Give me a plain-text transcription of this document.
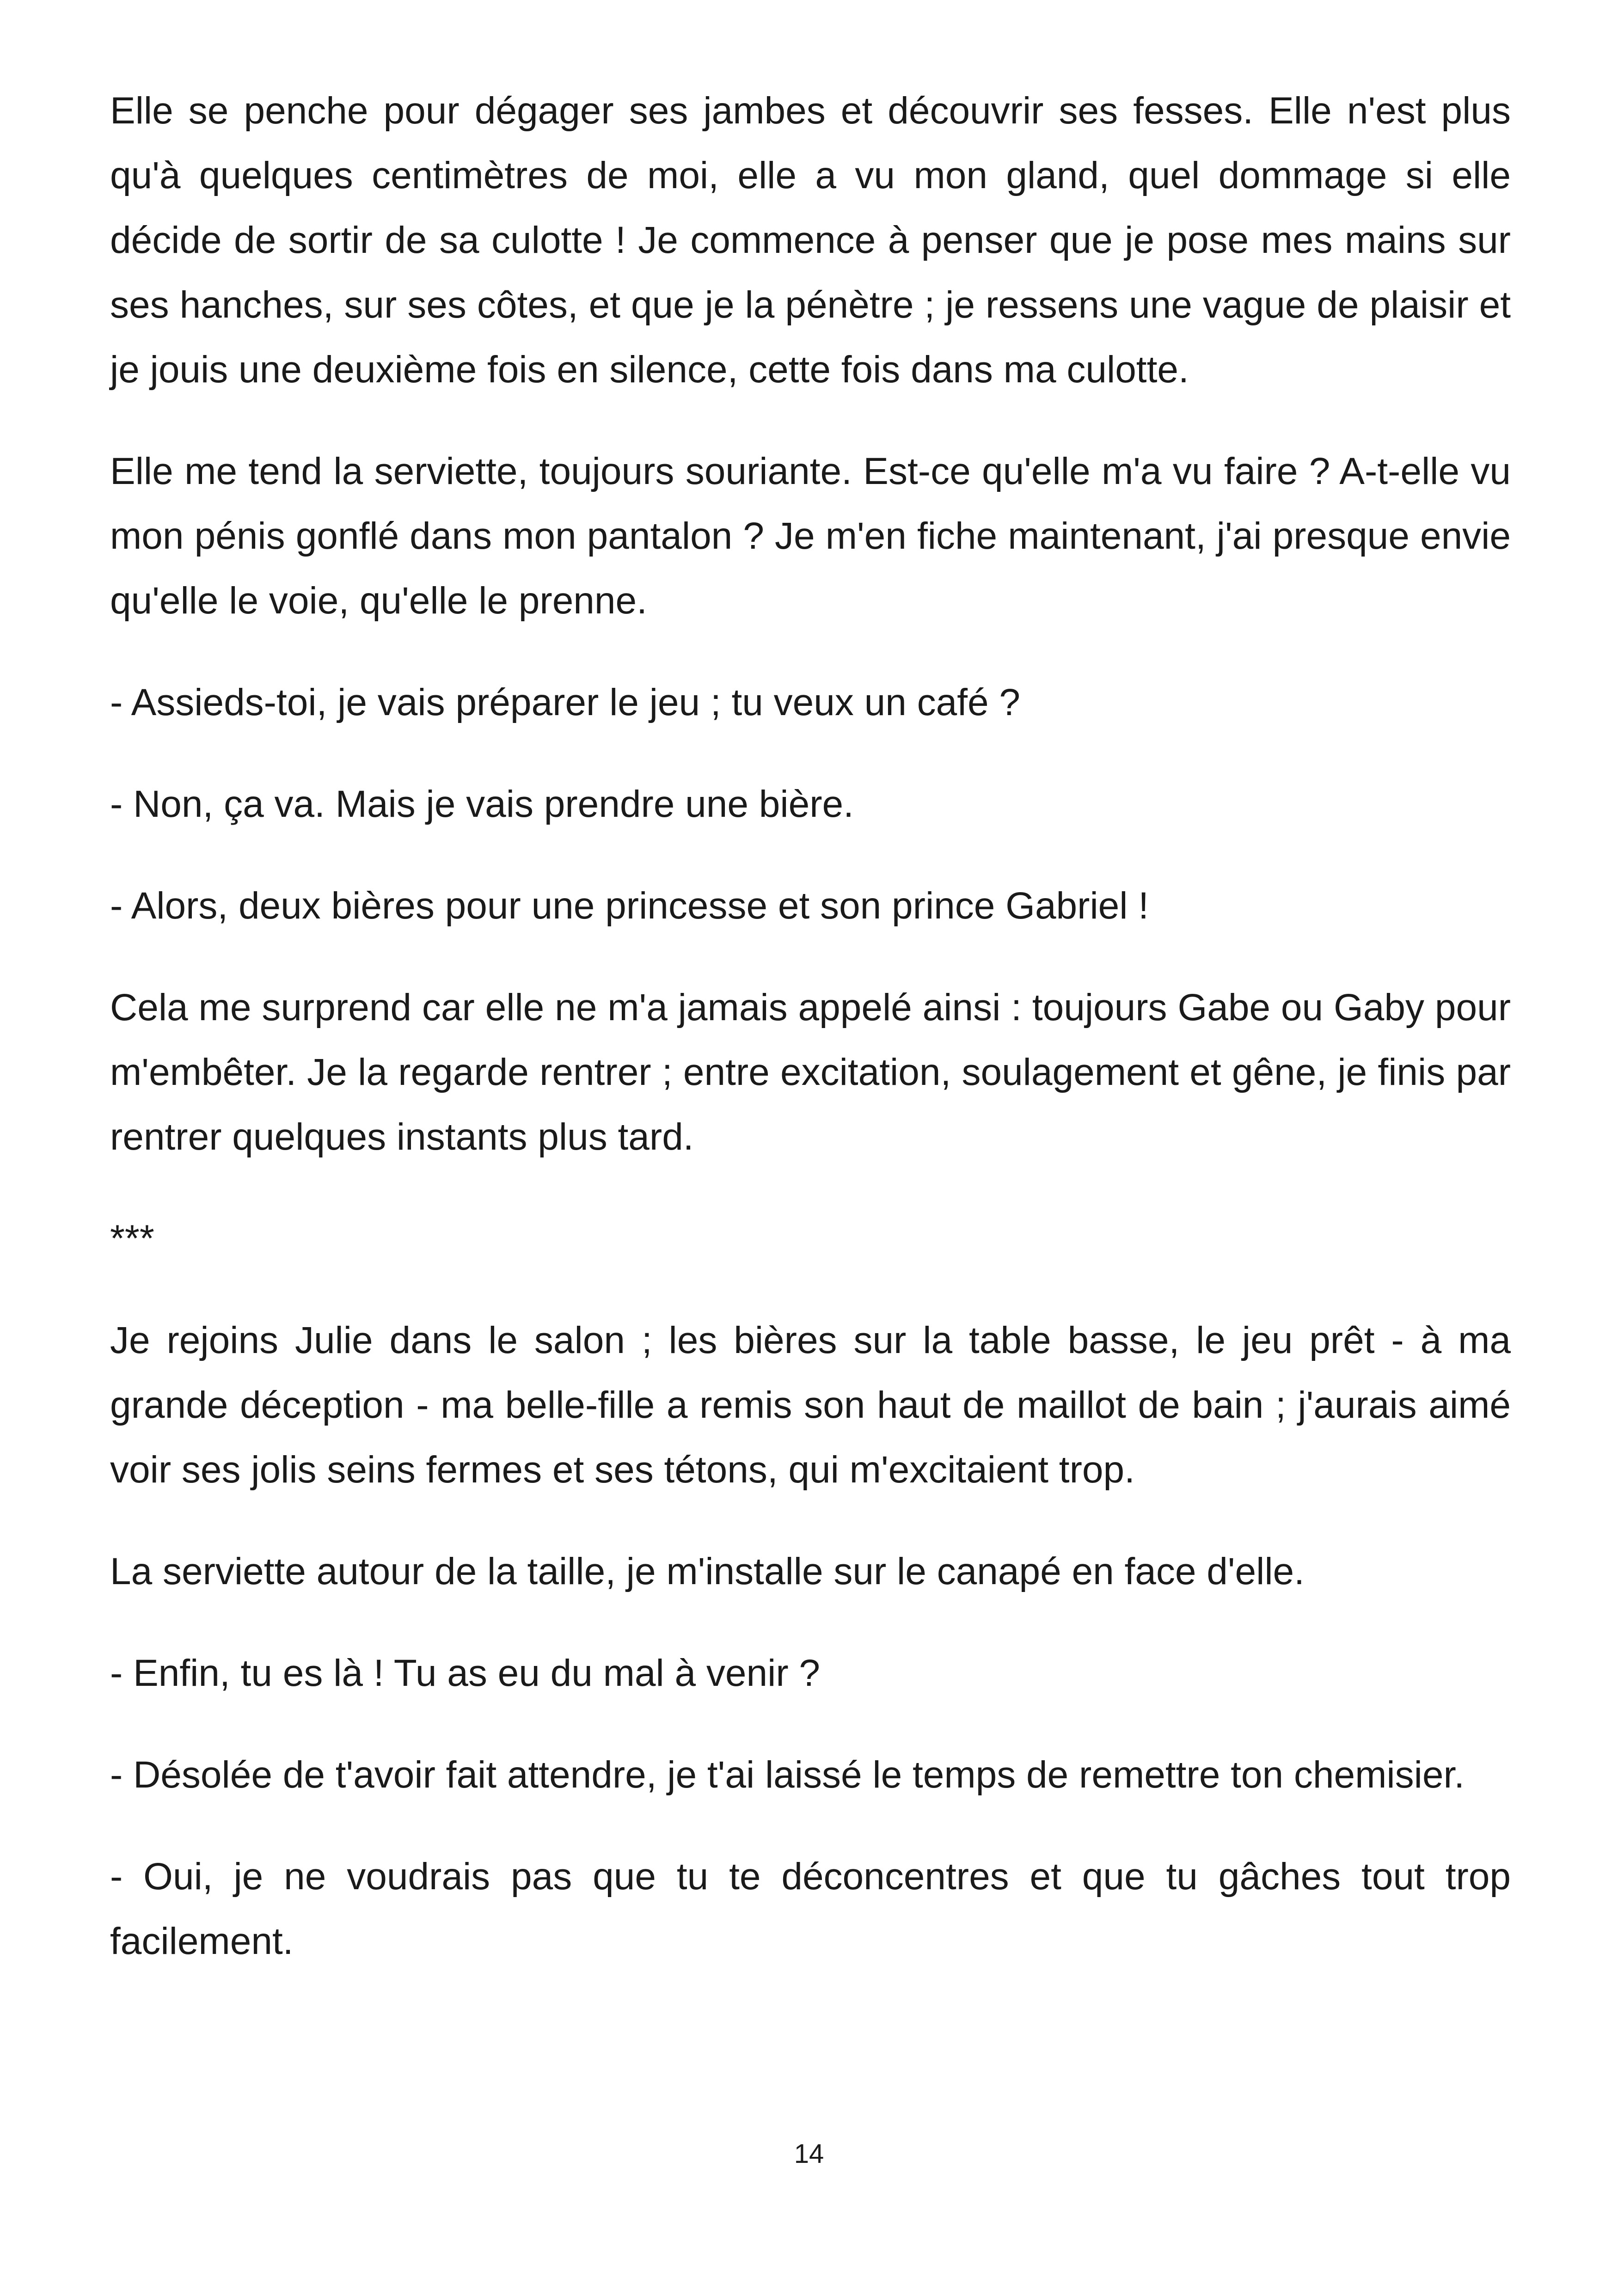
Elle se penche pour dégager ses jambes et découvrir ses fesses. Elle n'est plus qu'à quelques centimètres de moi, elle a vu mon gland, quel dommage si elle décide de sortir de sa culotte ! Je commence à penser que je pose mes mains sur ses hanches, sur ses côtes, et que je la pénètre ; je ressens une vague de plaisir et je jouis une deuxième fois en silence, cette fois dans ma culotte.

Elle me tend la serviette, toujours souriante. Est-ce qu'elle m'a vu faire ? A-t-elle vu mon pénis gonflé dans mon pantalon ? Je m'en fiche maintenant, j'ai presque envie qu'elle le voie, qu'elle le prenne.

- Assieds-toi, je vais préparer le jeu ; tu veux un café ?

- Non, ça va. Mais je vais prendre une bière.

- Alors, deux bières pour une princesse et son prince Gabriel !

Cela me surprend car elle ne m'a jamais appelé ainsi : toujours Gabe ou Gaby pour m'embêter. Je la regarde rentrer ; entre excitation, soulagement et gêne, je finis par rentrer quelques instants plus tard.

***

Je rejoins Julie dans le salon ; les bières sur la table basse, le jeu prêt - à ma grande déception - ma belle-fille a remis son haut de maillot de bain ; j'aurais aimé voir ses jolis seins fermes et ses tétons, qui m'excitaient trop.

La serviette autour de la taille, je m'installe sur le canapé en face d'elle.

- Enfin, tu es là ! Tu as eu du mal à venir ?

- Désolée de t'avoir fait attendre, je t'ai laissé le temps de remettre ton chemisier.

- Oui, je ne voudrais pas que tu te déconcentres et que tu gâches tout trop facilement.

14
